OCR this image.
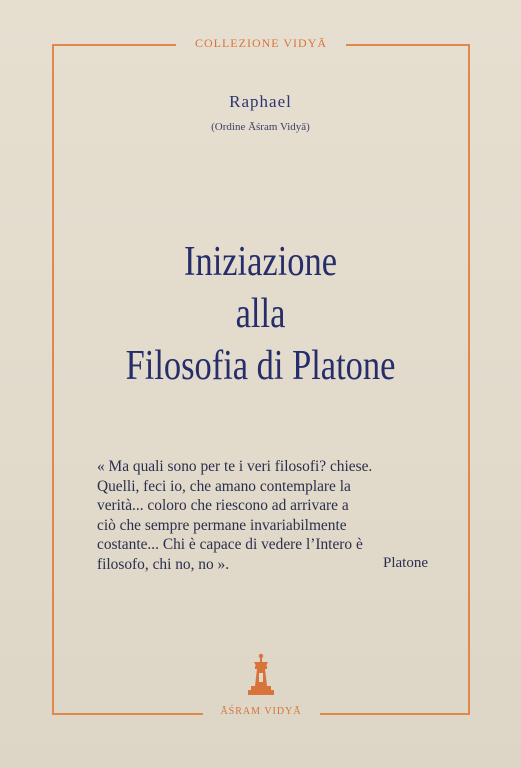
COLLEZIONE VIDYĀ
Raphael
(Ordine Āśram Vidyā)
Iniziazione
alla
Filosofia di Platone
« Ma quali sono per te i veri filosofi? chiese.
Quelli, feci io, che amano contemplare la
verità... coloro che riescono ad arrivare a
ciò che sempre permane invariabilmente
costante... Chi è capace di vedere l’Intero è
filosofo, chi no, no ».	Platone
ĀŚRAM VIDYĀ
